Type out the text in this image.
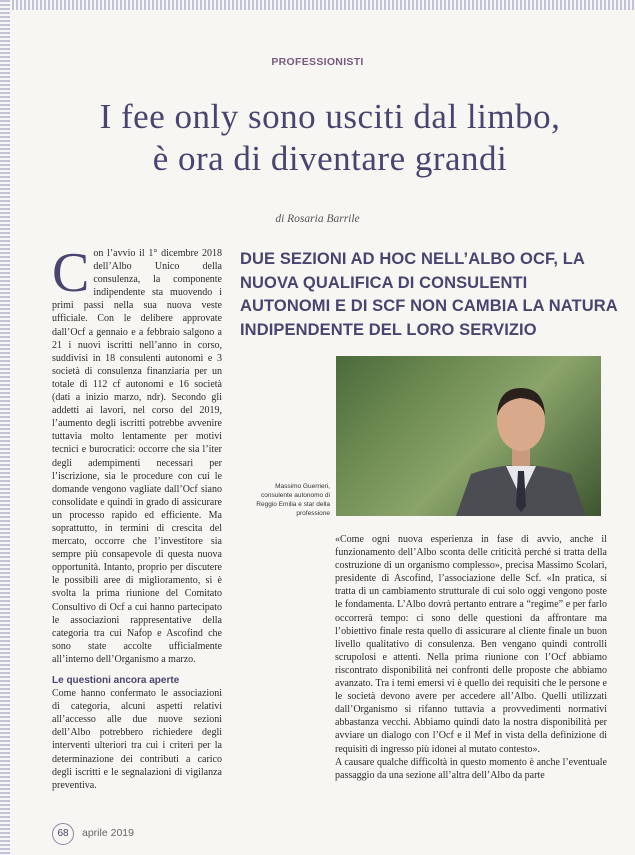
PROFESSIONISTI
I fee only sono usciti dal limbo,
è ora di diventare grandi
di Rosaria Barrile
C on l’avvio il 1° dicembre 2018 dell’Albo Unico della consulenza, la componente indipendente sta muovendo i primi passi nella sua nuova veste ufficiale. Con le delibere approvate dall’Ocf a gennaio e a febbraio salgono a 21 i nuovi iscritti nell’anno in corso, suddivisi in 18 consulenti autonomi e 3 società di consulenza finanziaria per un totale di 112 cf autonomi e 16 società (dati a inizio marzo, ndr). Secondo gli addetti ai lavori, nel corso del 2019, l’aumento degli iscritti potrebbe avvenire tuttavia molto lentamente per motivi tecnici e burocratici: occorre che sia l’iter degli adempimenti necessari per l’iscrizione, sia le procedure con cui le domande vengono vagliate dall’Ocf siano consolidate e quindi in grado di assicurare un processo rapido ed efficiente. Ma soprattutto, in termini di crescita del mercato, occorre che l’investitore sia sempre più consapevole di questa nuova opportunità. Intanto, proprio per discutere le possibili aree di miglioramento, si è svolta la prima riunione del Comitato Consultivo di Ocf a cui hanno partecipato le associazioni rappresentative della categoria tra cui Nafop e Ascofind che sono state accolte ufficialmente all’interno dell’Organismo a marzo.
Le questioni ancora aperte
Come hanno confermato le associazioni di categoria, alcuni aspetti relativi all’accesso alle due nuove sezioni dell’Albo potrebbero richiedere degli interventi ulteriori tra cui i criteri per la determinazione dei contributi a carico degli iscritti e le segnalazioni di vigilanza preventiva.
DUE SEZIONI AD HOC NELL’ALBO OCF, LA NUOVA QUALIFICA DI CONSULENTI AUTONOMI E DI SCF NON CAMBIA LA NATURA INDIPENDENTE DEL LORO SERVIZIO
Massimo Guerrieri, consulente autonomo di Reggio Emilia e star della professione

«Come ogni nuova esperienza in fase di avvio, anche il funzionamento dell’Albo sconta delle criticità perché si tratta della costruzione di un organismo complesso», precisa Massimo Scolari, presidente di Ascofind, l’associazione delle Scf. «In pratica, si tratta di un cambiamento strutturale di cui solo oggi vengono poste le fondamenta. L’Albo dovrà pertanto entrare a “regime” e per farlo occorrerà tempo: ci sono delle questioni da affrontare ma l’obiettivo finale resta quello di assicurare al cliente finale un buon livello qualitativo di consulenza. Ben vengano quindi controlli scrupolosi e attenti. Nella prima riunione con l’Ocf abbiamo riscontrato disponibilità nei confronti delle proposte che abbiamo avanzato. Tra i temi emersi vi è quello dei requisiti che le persone e le società devono avere per accedere all’Albo. Quelli utilizzati dall’Organismo si rifanno tuttavia a provvedimenti normativi abbastanza vecchi. Abbiamo quindi dato la nostra disponibilità per avviare un dialogo con l’Ocf e il Mef in vista della definizione di requisiti di ingresso più idonei al mutato contesto».

A causare qualche difficoltà in questo momento è anche l’eventuale passaggio da una sezione all’altra dell’Albo da parte

68	aprile 2019
